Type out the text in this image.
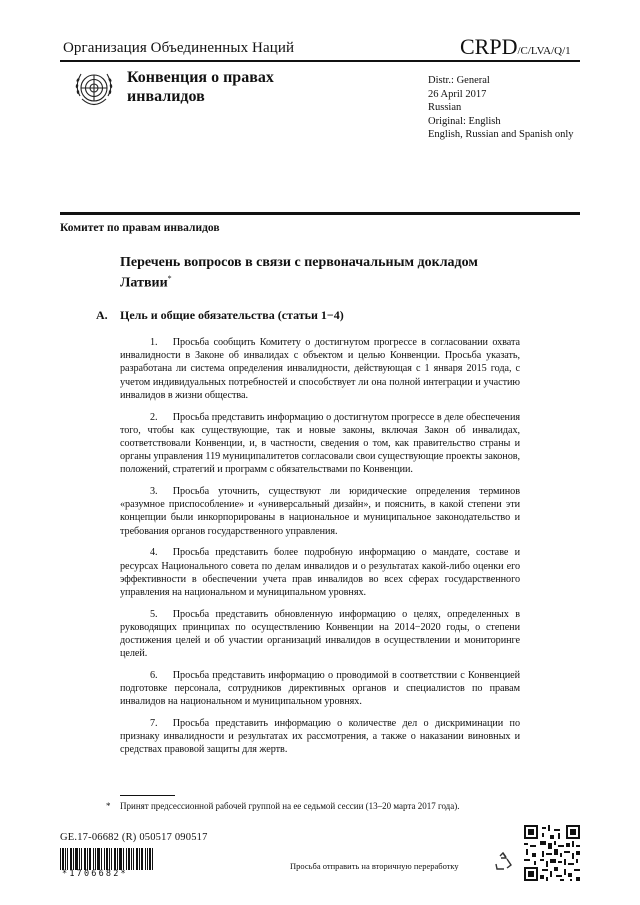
Организация Объединенных Наций	CRPD/C/LVA/Q/1
Конвенция о правах инвалидов
Distr.: General
26 April 2017
Russian
Original: English
English, Russian and Spanish only
Комитет по правам инвалидов
Перечень вопросов в связи с первоначальным докладом Латвии*
A. Цель и общие обязательства (статьи 1−4)

1.   Просьба сообщить Комитету о достигнутом прогрессе в согласовании охвата инвалидности в Законе об инвалидах с объектом и целью Конвенции. Просьба указать, разработана ли система определения инвалидности, действующая с 1 января 2015 года, с учетом индивидуальных потребностей и способствует ли она полной интеграции и участию инвалидов в жизни общества.

2.   Просьба представить информацию о достигнутом прогрессе в деле обеспечения того, чтобы как существующие, так и новые законы, включая Закон об инвалидах, соответствовали Конвенции, и, в частности, сведения о том, как правительство страны и органы управления 119 муниципалитетов согласовали свои существующие проекты законов, положений, стратегий и программ с обязательствами по Конвенции.

3.   Просьба уточнить, существуют ли юридические определения терминов «разумное приспособление» и «универсальный дизайн», и пояснить, в какой степени эти концепции были инкорпорированы в национальное и муниципальное законодательство и требования органов государственного управления.

4.   Просьба представить более подробную информацию о мандате, составе и ресурсах Национального совета по делам инвалидов и о результатах какой-либо оценки его эффективности в обеспечении учета прав инвалидов во всех сферах государственного управления на национальном и муниципальном уровнях.

5.   Просьба представить обновленную информацию о целях, определенных в руководящих принципах по осуществлению Конвенции на 2014−2020 годы, о степени достижения целей и об участии организаций инвалидов в осуществлении и мониторинге целей.

6.   Просьба представить информацию о проводимой в соответствии с Конвенцией подготовке персонала, сотрудников директивных органов и специалистов по правам инвалидов на национальном и муниципальном уровнях.

7.   Просьба представить информацию о количестве дел о дискриминации по признаку инвалидности и результатах их рассмотрения, а также о наказании виновных и средствах правовой защиты для жертв.

*	Принят предсессионной рабочей группой на ее седьмой сессии (13–20 марта 2017 года).
GE.17-06682 (R) 050517 090517
*1706682*
Просьба отправить на вторичную переработку
